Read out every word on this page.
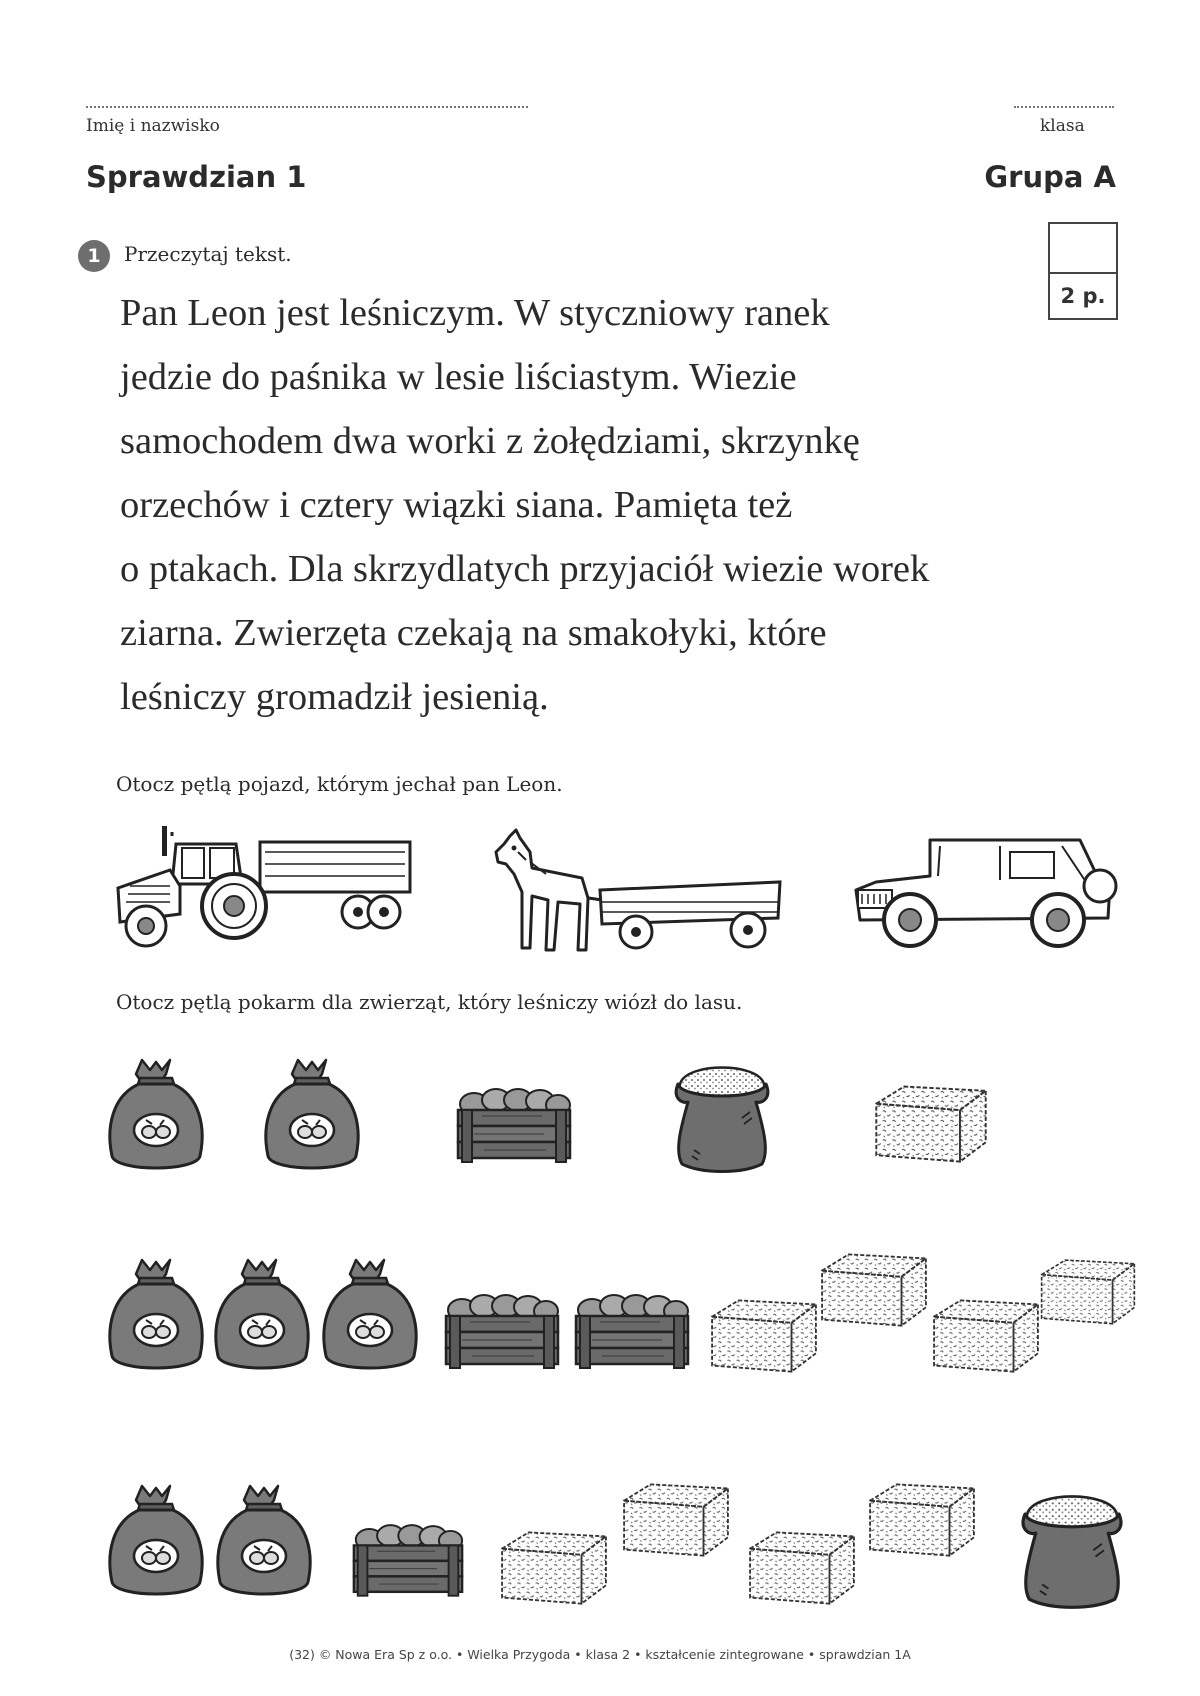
Imię i nazwisko	klasa
Sprawdzian 1	Grupa A
1	Przeczytaj tekst.
2 p.
Pan Leon jest leśniczym. W styczniowy ranek
jedzie do paśnika w lesie liściastym. Wiezie
samochodem dwa worki z żołędziami, skrzynkę
orzechów i cztery wiązki siana. Pamięta też
o ptakach. Dla skrzydlatych przyjaciół wiezie worek
ziarna. Zwierzęta czekają na smakołyki, które
leśniczy gromadził jesienią.
Otocz pętlą pojazd, którym jechał pan Leon.
Otocz pętlą pokarm dla zwierząt, który leśniczy wiózł do lasu.
(32) © Nowa Era Sp z o.o. • Wielka Przygoda • klasa 2 • kształcenie zintegrowane • sprawdzian 1A
